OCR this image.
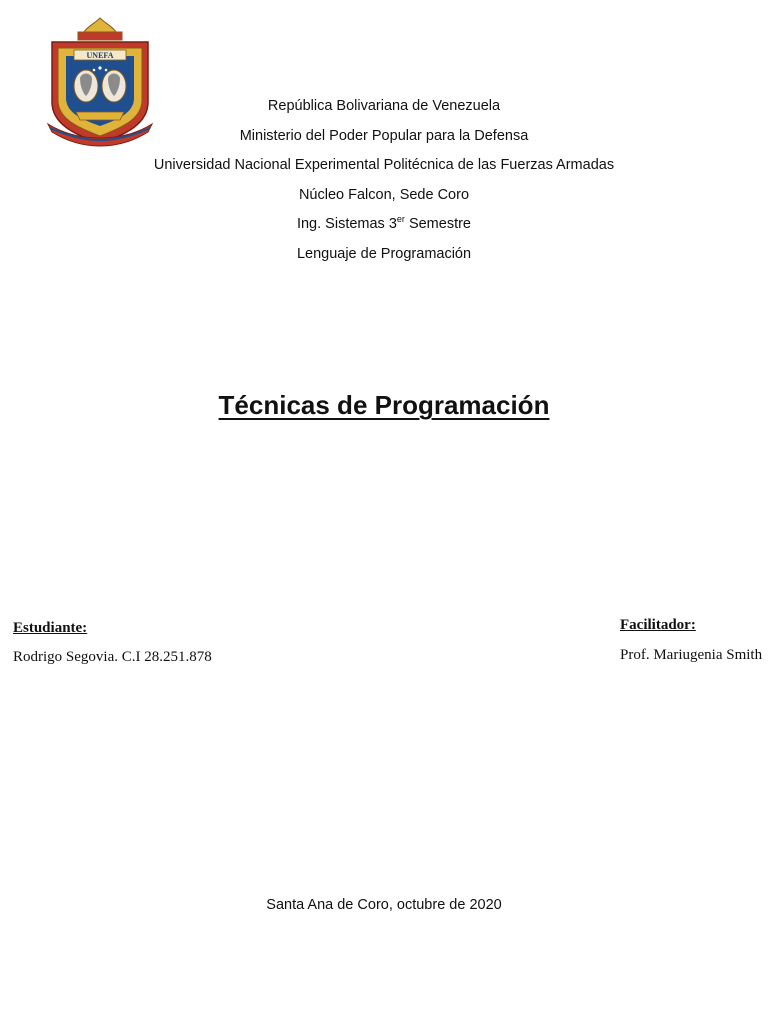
UNEFA
República Bolivariana de Venezuela
Ministerio del Poder Popular para la Defensa
Universidad Nacional Experimental Politécnica de las Fuerzas Armadas
Núcleo Falcon, Sede Coro
Ing. Sistemas 3er Semestre
Lenguaje de Programación
Técnicas de Programación
Estudiante:
Rodrigo Segovia. C.I 28.251.878
Facilitador:
Prof. Mariugenia Smith
Santa Ana de Coro, octubre de 2020
